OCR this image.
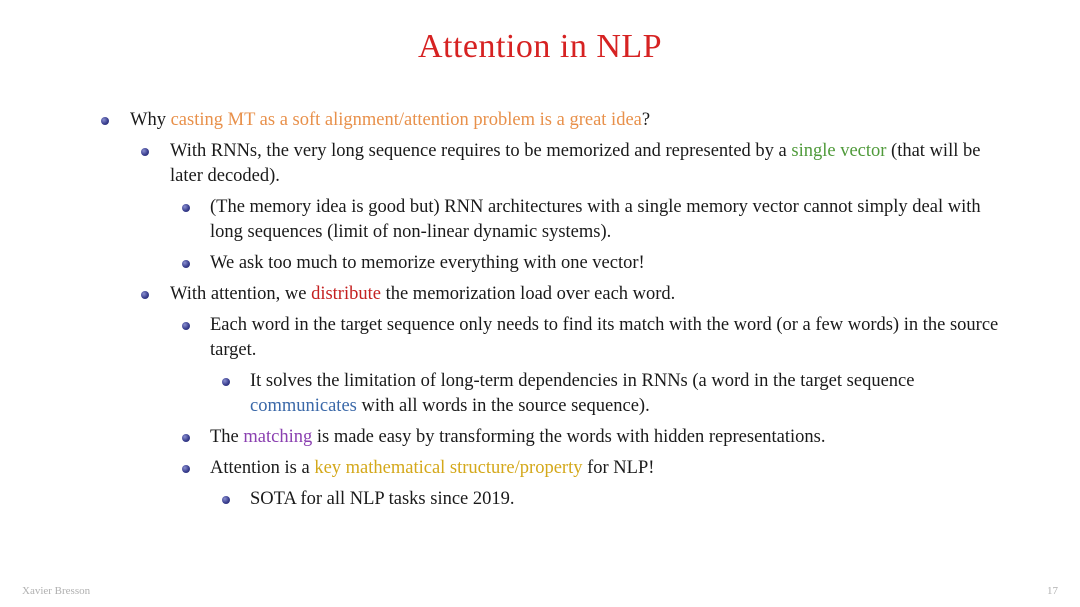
Attention in NLP
Why casting MT as a soft alignment/attention problem is a great idea?
With RNNs, the very long sequence requires to be memorized and represented by a single vector (that will be later decoded).
(The memory idea is good but) RNN architectures with a single memory vector cannot simply deal with long sequences (limit of non-linear dynamic systems).
We ask too much to memorize everything with one vector!
With attention, we distribute the memorization load over each word.
Each word in the target sequence only needs to find its match with the word (or a few words) in the source target.
It solves the limitation of long-term dependencies in RNNs (a word in the target sequence communicates with all words in the source sequence).
The matching is made easy by transforming the words with hidden representations.
Attention is a key mathematical structure/property for NLP!
SOTA for all NLP tasks since 2019.
Xavier Bresson	17
